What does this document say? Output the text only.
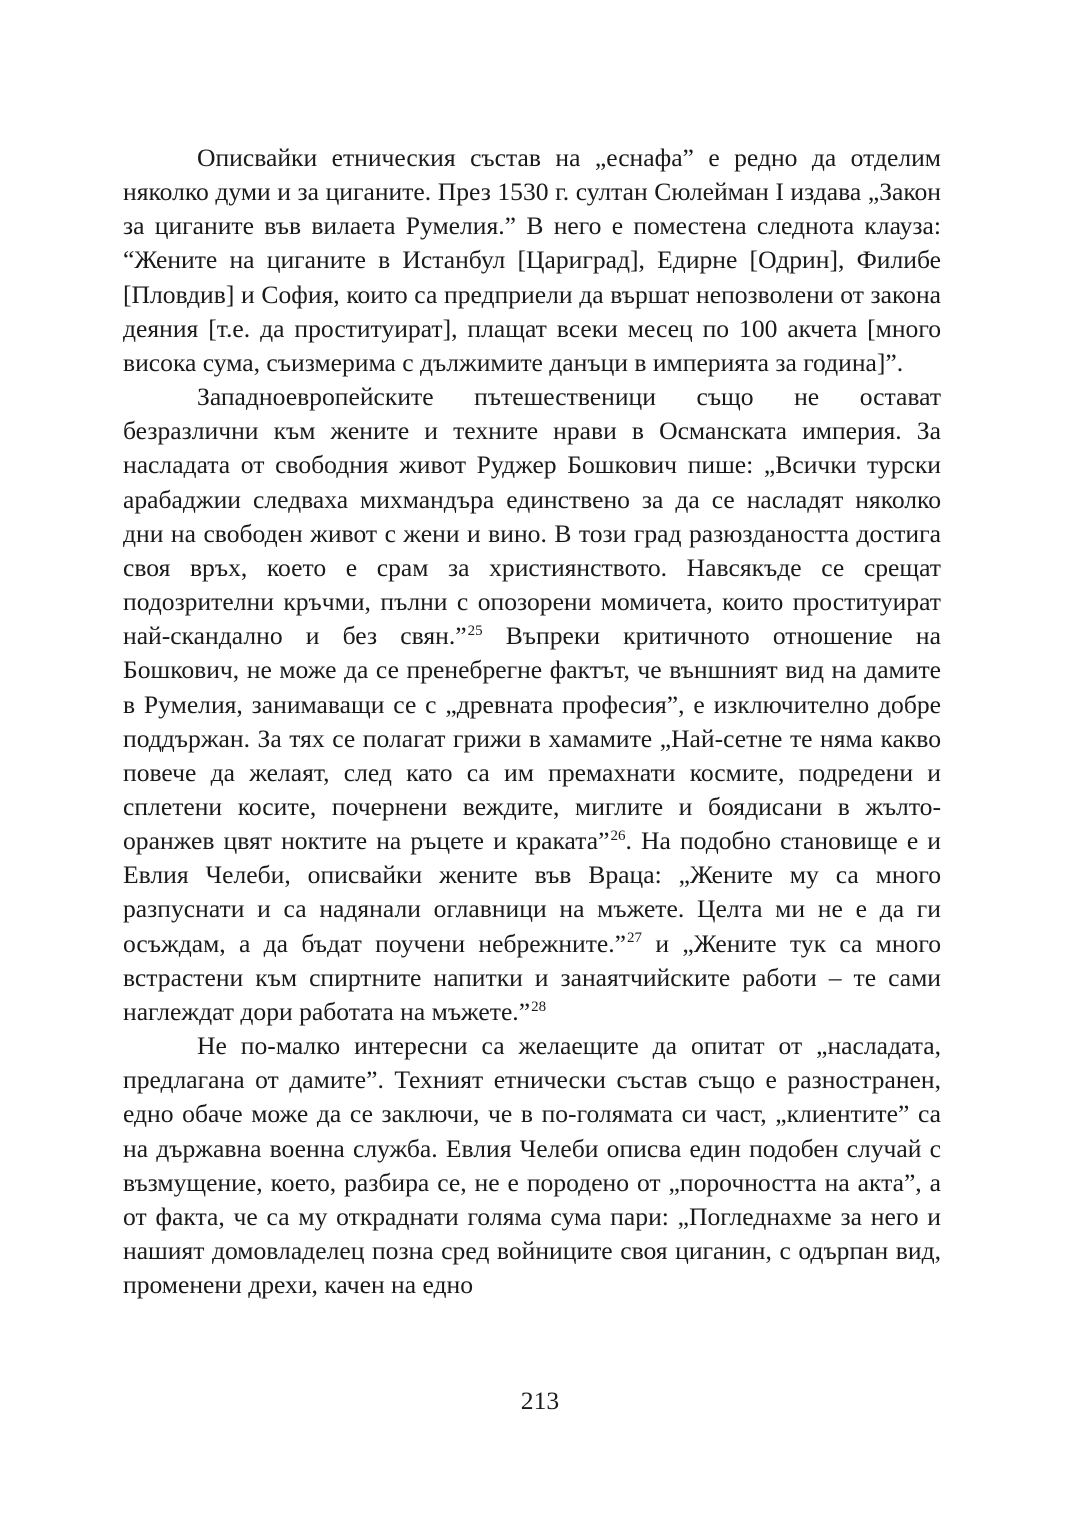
Описвайки етническия състав на „еснафа” е редно да отделим няколко думи и за циганите. През 1530 г. султан Сюлейман I издава „Закон за циганите във вилаета Румелия.” В него е поместена следнота клауза: “Жените на циганите в Истанбул [Цариград], Едирне [Одрин], Филибе [Пловдив] и София, които са предприели да вършат непозволени от закона деяния [т.е. да проституират], плащат всеки месец по 100 акчета [много висока сума, съизмерима с дължимите данъци в империята за година]”.

Западноевропейските пътешественици също не остават безразлични към жените и техните нрави в Османската империя. За насладата от свободния живот Руджер Бошкович пише: „Всички турски арабаджии следваха михмандъра единствено за да се насладят няколко дни на свободен живот с жени и вино. В този град разюздаността достига своя връх, което е срам за християнството. Навсякъде се срещат подозрителни кръчми, пълни с опозорени момичета, които проституират най-скандално и без свян.”$^{25}$ Въпреки критичното отношение на Бошкович, не може да се пренебрегне фактът, че външният вид на дамите в Румелия, занимаващи се с „древната професия”, е изключително добре поддържан. За тях се полагат грижи в хамамите „Най-сетне те няма какво повече да желаят, след като са им премахнати космите, подредени и сплетени косите, почернени веждите, миглите и боядисани в жълто-оранжев цвят ноктите на ръцете и краката”$^{26}$. На подобно становище е и Евлия Челеби, описвайки жените във Враца: „Жените му са много разпуснати и са надянали оглавници на мъжете. Целта ми не е да ги осъждам, а да бъдат поучени небрежните.”$^{27}$ и „Жените тук са много встрастени към спиртните напитки и занаятчийските работи – те сами наглеждат дори работата на мъжете.”$^{28}$

Не по-малко интересни са желаещите да опитат от „насладата, предлагана от дамите”. Техният етнически състав също е разностранен, едно обаче може да се заключи, че в по-голямата си част, „клиентите” са на държавна военна служба. Евлия Челеби описва един подобен случай с възмущение, което, разбира се, не е породено от „порочността на акта”, а от факта, че са му откраднати голяма сума пари: „Погледнахме за него и нашият домовладелец позна сред войниците своя циганин, с одърпан вид, променени дрехи, качен на едно

213
